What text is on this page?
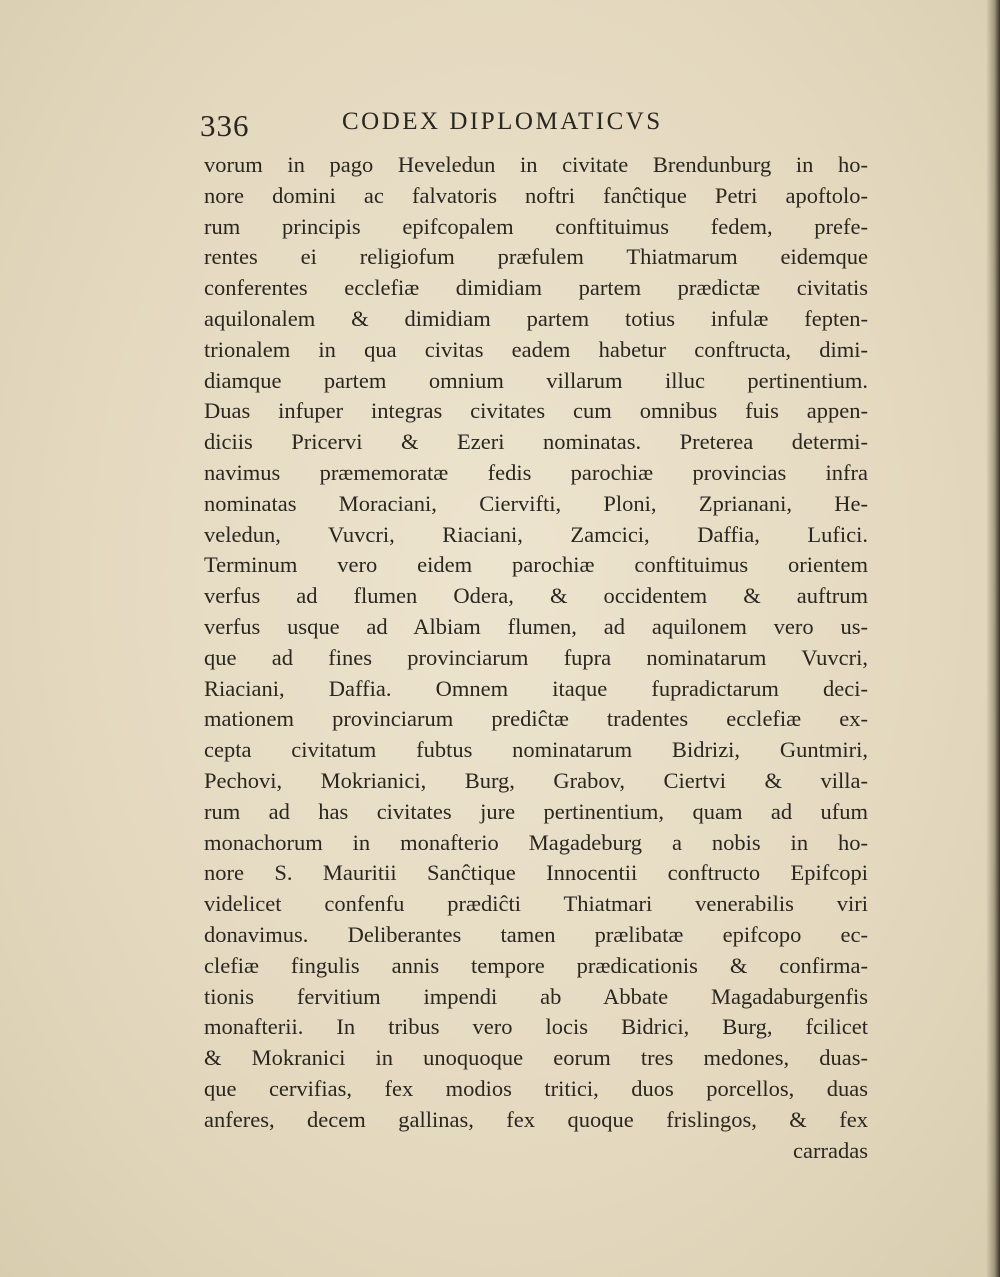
336	CODEX DIPLOMATICVS
vorum in pago Heveledun in civitate Brendunburg in ho-
nore domini ac falvatoris noftri fanĉtique Petri apoftolo-
rum principis epifcopalem conftituimus fedem, prefe-
rentes ei religiofum præfulem Thiatmarum eidemque
conferentes ecclefiæ dimidiam partem prædictæ civitatis
aquilonalem & dimidiam partem totius infulæ fepten-
trionalem in qua civitas eadem habetur conftructa, dimi-
diamque partem omnium villarum illuc pertinentium.
Duas infuper integras civitates cum omnibus fuis appen-
diciis Pricervi & Ezeri nominatas. Preterea determi-
navimus præmemoratæ fedis parochiæ provincias infra
nominatas Moraciani, Ciervifti, Ploni, Zprianani, He-
veledun, Vuvcri, Riaciani, Zamcici, Daffia, Lufici.
Terminum vero eidem parochiæ conftituimus orientem
verfus ad flumen Odera, & occidentem & auftrum
verfus usque ad Albiam flumen, ad aquilonem vero us-
que ad fines provinciarum fupra nominatarum Vuvcri,
Riaciani, Daffia. Omnem itaque fupradictarum deci-
mationem provinciarum prediĉtæ tradentes ecclefiæ ex-
cepta civitatum fubtus nominatarum Bidrizi, Guntmiri,
Pechovi, Mokrianici, Burg, Grabov, Ciertvi & villa-
rum ad has civitates jure pertinentium, quam ad ufum
monachorum in monafterio Magadeburg a nobis in ho-
nore S. Mauritii Sanĉtique Innocentii conftructo Epifcopi
videlicet confenfu prædiĉti Thiatmari venerabilis viri
donavimus. Deliberantes tamen prælibatæ epifcopo ec-
clefiæ fingulis annis tempore prædicationis & confirma-
tionis fervitium impendi ab Abbate Magadaburgenfis
monafterii. In tribus vero locis Bidrici, Burg, fcilicet
& Mokranici in unoquoque eorum tres medones, duas-
que cervifias, fex modios tritici, duos porcellos, duas
anferes, decem gallinas, fex quoque frislingos, & fex
carradas
